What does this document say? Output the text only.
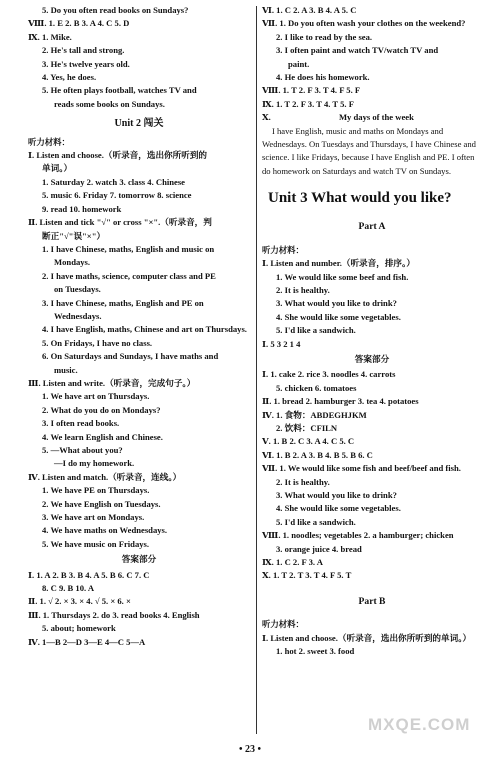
5. Do you often read books on Sundays?
Ⅷ. 1. E 2. B 3. A 4. C 5. D
Ⅸ. 1. Mike.
2. He's tall and strong.
3. He's twelve years old.
4. Yes, he does.
5. He often plays football, watches TV and
reads some books on Sundays.
Unit 2 闯关
听力材料：
Ⅰ. Listen and choose.（听录音，选出你所听到的
单词。）
1. Saturday 2. watch 3. class 4. Chinese
5. music 6. Friday 7. tomorrow 8. science
9. read 10. homework
Ⅱ. Listen and tick "√" or cross "×".（听录音，判
断正"√"误"×"）
1. I have Chinese, maths, English and music on
Mondays.
2. I have maths, science, computer class and PE
on Tuesdays.
3. I have Chinese, maths, English and PE on
Wednesdays.
4. I have English, maths, Chinese and art on Thursdays.
5. On Fridays, I have no class.
6. On Saturdays and Sundays, I have maths and
music.
Ⅲ. Listen and write.（听录音，完成句子。）
1. We have art on Thursdays.
2. What do you do on Mondays?
3. I often read books.
4. We learn English and Chinese.
5. —What about you?
—I do my homework.
Ⅳ. Listen and match.（听录音，连线。）
1. We have PE on Thursdays.
2. We have English on Tuesdays.
3. We have art on Mondays.
4. We have maths on Wednesdays.
5. We have music on Fridays.
答案部分
Ⅰ. 1. A 2. B 3. B 4. A 5. B 6. C 7. C
8. C 9. B 10. A
Ⅱ. 1. √ 2. × 3. × 4. √ 5. × 6. ×
Ⅲ. 1. Thursdays 2. do 3. read books 4. English
5. about; homework
Ⅳ. 1—B 2—D 3—E 4—C 5—A
Ⅵ. 1. C 2. A 3. B 4. A 5. C
Ⅶ. 1. Do you often wash your clothes on the weekend?
2. I like to read by the sea.
3. I often paint and watch TV/watch TV and
paint.
4. He does his homework.
Ⅷ. 1. T 2. F 3. T 4. F 5. F
Ⅸ. 1. T 2. F 3. T 4. T 5. F
Ⅹ.	My days of the week
I have English, music and maths on Mondays and Wednesdays. On Tuesdays and Thursdays, I have Chinese and science. I like Fridays, because I have English and PE. I often do homework on Saturdays and watch TV on Sundays.
Unit 3 What would you like?
Part A
听力材料：
Ⅰ. Listen and number.（听录音，排序。）
1. We would like some beef and fish.
2. It is healthy.
3. What would you like to drink?
4. She would like some vegetables.
5. I'd like a sandwich.
Ⅰ. 5 3 2 1 4
答案部分
Ⅰ. 1. cake 2. rice 3. noodles 4. carrots
5. chicken 6. tomatoes
Ⅱ. 1. bread 2. hamburger 3. tea 4. potatoes
Ⅳ. 1. 食物：ABDEGHJKM
2. 饮料：CFILN
Ⅴ. 1. B 2. C 3. A 4. C 5. C
Ⅵ. 1. B 2. A 3. B 4. B 5. B 6. C
Ⅶ. 1. We would like some fish and beef/beef and fish.
2. It is healthy.
3. What would you like to drink?
4. She would like some vegetables.
5. I'd like a sandwich.
Ⅷ. 1. noodles; vegetables 2. a hamburger; chicken
3. orange juice 4. bread
Ⅸ. 1. C 2. F 3. A
Ⅹ. 1. T 2. T 3. T 4. F 5. T
Part B
听力材料：
Ⅰ. Listen and choose.（听录音，选出你所听到的单词。）
1. hot 2. sweet 3. food
• 23 •
MXQE.COM
